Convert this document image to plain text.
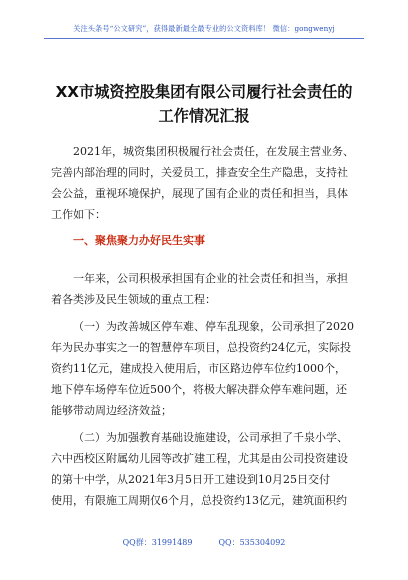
关注头条号“公文研究”，获得最新最全最专业的公文资料库！ 微信：gongwenyj
XX市城资控股集团有限公司履行社会责任的
工作情况汇报
2021年，城资集团积极履行社会责任，在发展主营业务、
完善内部治理的同时，关爱员工，排查安全生产隐患，支持社
会公益，重视环境保护，展现了国有企业的责任和担当，具体
工作如下：
一、聚焦聚力办好民生实事
一年来，公司积极承担国有企业的社会责任和担当，承担
着各类涉及民生领域的重点工程：
（一）为改善城区停车难、停车乱现象，公司承担了2020
年为民办事实之一的智慧停车项目，总投资约24亿元，实际投
资约11亿元，建成投入使用后，市区路边停车位约1000个，
地下停车场停车位近500个，将极大解决群众停车难问题，还
能够带动周边经济效益；
（二）为加强教育基础设施建设，公司承担了千泉小学、
六中西校区附属幼儿园等改扩建工程，尤其是由公司投资建设
的第十中学，从2021年3月5日开工建设到10月25日交付
使用，有限施工周期仅6个月，总投资约13亿元，建筑面积约
QQ群：31991489	QQ：535304092
